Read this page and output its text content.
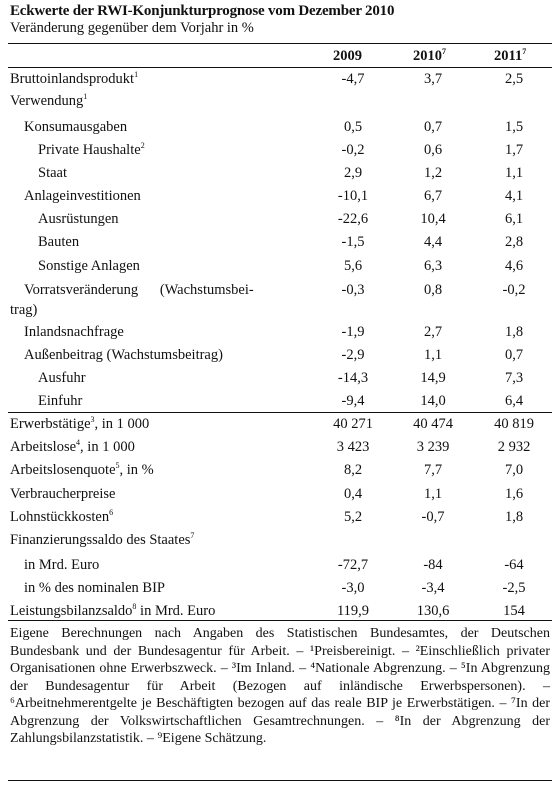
Eckwerte der RWI-Konjunkturprognose vom Dezember 2010
Veränderung gegenüber dem Vorjahr in %
2009	2010$^7$	2011$^7$
Bruttoinlandsprodukt$^1$	-4,7	3,7	2,5
Verwendung$^1$
Konsumausgaben	0,5	0,7	1,5
Private Haushalte$^2$	-0,2	0,6	1,7
Staat	2,9	1,2	1,1
Anlageinvestitionen	-10,1	6,7	4,1
Ausrüstungen	-22,6	10,4	6,1
Bauten	-1,5	4,4	2,8
Sonstige Anlagen	5,6	6,3	4,6
Vorratsveränderung      (Wachstumsbei-	-0,3	0,8	-0,2
trag)
Inlandsnachfrage	-1,9	2,7	1,8
Außenbeitrag (Wachstumsbeitrag)	-2,9	1,1	0,7
Ausfuhr	-14,3	14,9	7,3
Einfuhr	-9,4	14,0	6,4
Erwerbstätige$^3$, in 1 000	40 271	40 474	40 819
Arbeitslose$^4$, in 1 000	3 423	3 239	2 932
Arbeitslosenquote$^5$, in %	8,2	7,7	7,0
Verbraucherpreise	0,4	1,1	1,6
Lohnstückkosten$^6$	5,2	-0,7	1,8
Finanzierungssaldo des Staates$^7$
in Mrd. Euro	-72,7	-84	-64
in % des nominalen BIP	-3,0	-3,4	-2,5
Leistungsbilanzsaldo$^8$ in Mrd. Euro	119,9	130,6	154
Eigene Berechnungen nach Angaben des Statistischen Bundesamtes, der Deutschen Bundesbank und der Bundesagentur für Arbeit. – ¹Preisbereinigt. – ²Einschließlich privater Organisationen ohne Erwerbszweck. – ³Im Inland. – ⁴Nationale Abgrenzung. – ⁵In Abgrenzung der Bundesagentur für Arbeit (Bezogen auf inländische Erwerbspersonen). – ⁶Arbeitnehmerentgelte je Beschäftigten bezogen auf das reale BIP je Erwerbstätigen. – ⁷In der Abgrenzung der Volkswirtschaftlichen Gesamtrechnungen. – ⁸In der Abgrenzung der Zahlungsbilanzstatistik. – ⁹Eigene Schätzung.
